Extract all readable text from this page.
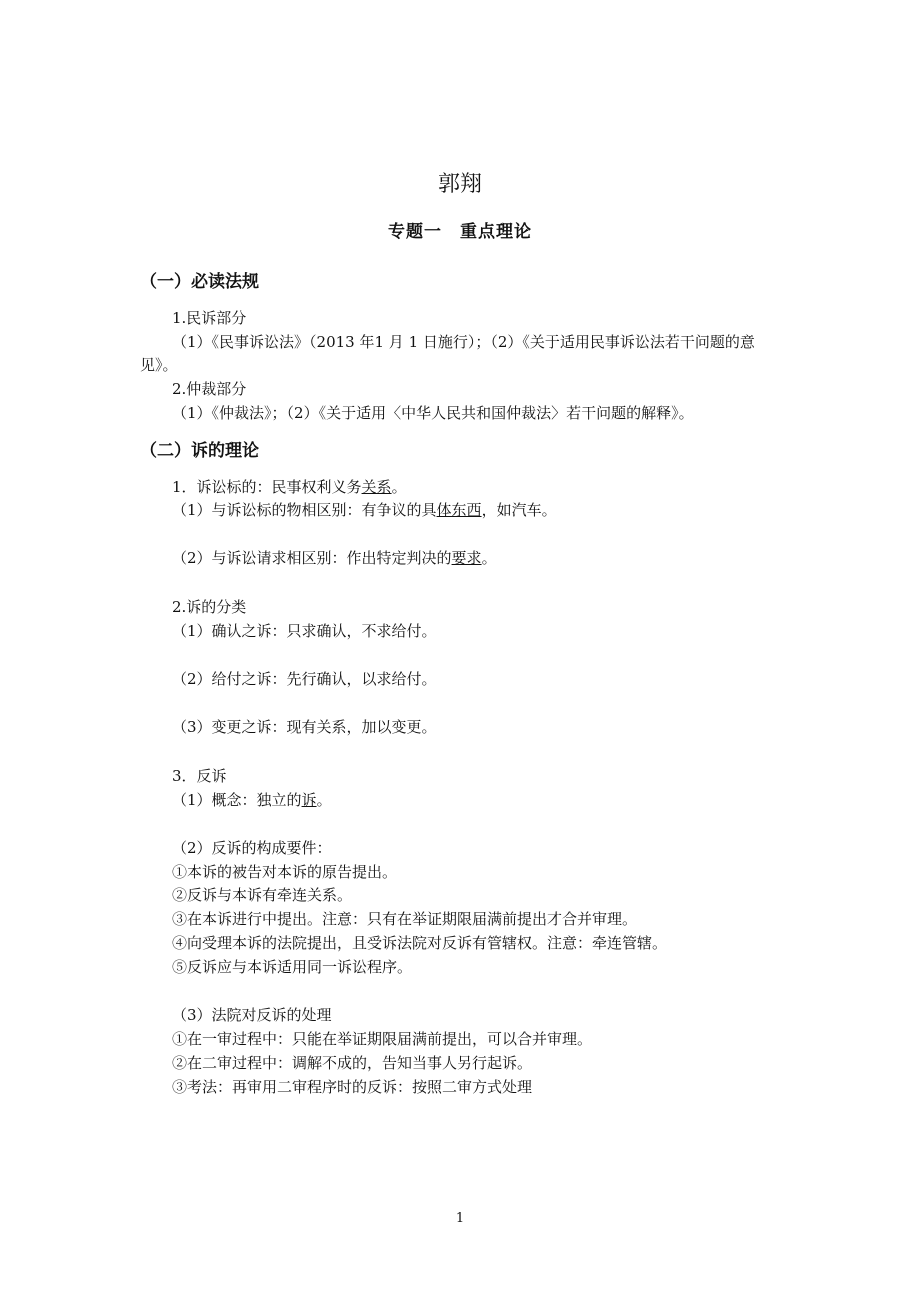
郭翔
专题一　重点理论
（一）必读法规
1.民诉部分
（1）《民事诉讼法》（2013 年1 月 1 日施行）；（2）《关于适用民事诉讼法若干问题的意
见》。
2.仲裁部分
（1）《仲裁法》；（2）《关于适用〈中华人民共和国仲裁法〉若干问题的解释》。
（二）诉的理论
1．诉讼标的：民事权利义务关系。
（1）与诉讼标的物相区别：有争议的具体东西，如汽车。
（2）与诉讼请求相区别：作出特定判决的要求。
2.诉的分类
（1）确认之诉：只求确认，不求给付。
（2）给付之诉：先行确认，以求给付。
（3）变更之诉：现有关系，加以变更。
3．反诉
（1）概念：独立的诉。
（2）反诉的构成要件：
①本诉的被告对本诉的原告提出。
②反诉与本诉有牵连关系。
③在本诉进行中提出。注意：只有在举证期限届满前提出才合并审理。
④向受理本诉的法院提出，且受诉法院对反诉有管辖权。注意：牵连管辖。
⑤反诉应与本诉适用同一诉讼程序。
（3）法院对反诉的处理
①在一审过程中：只能在举证期限届满前提出，可以合并审理。
②在二审过程中：调解不成的，告知当事人另行起诉。
③考法：再审用二审程序时的反诉：按照二审方式处理
1
